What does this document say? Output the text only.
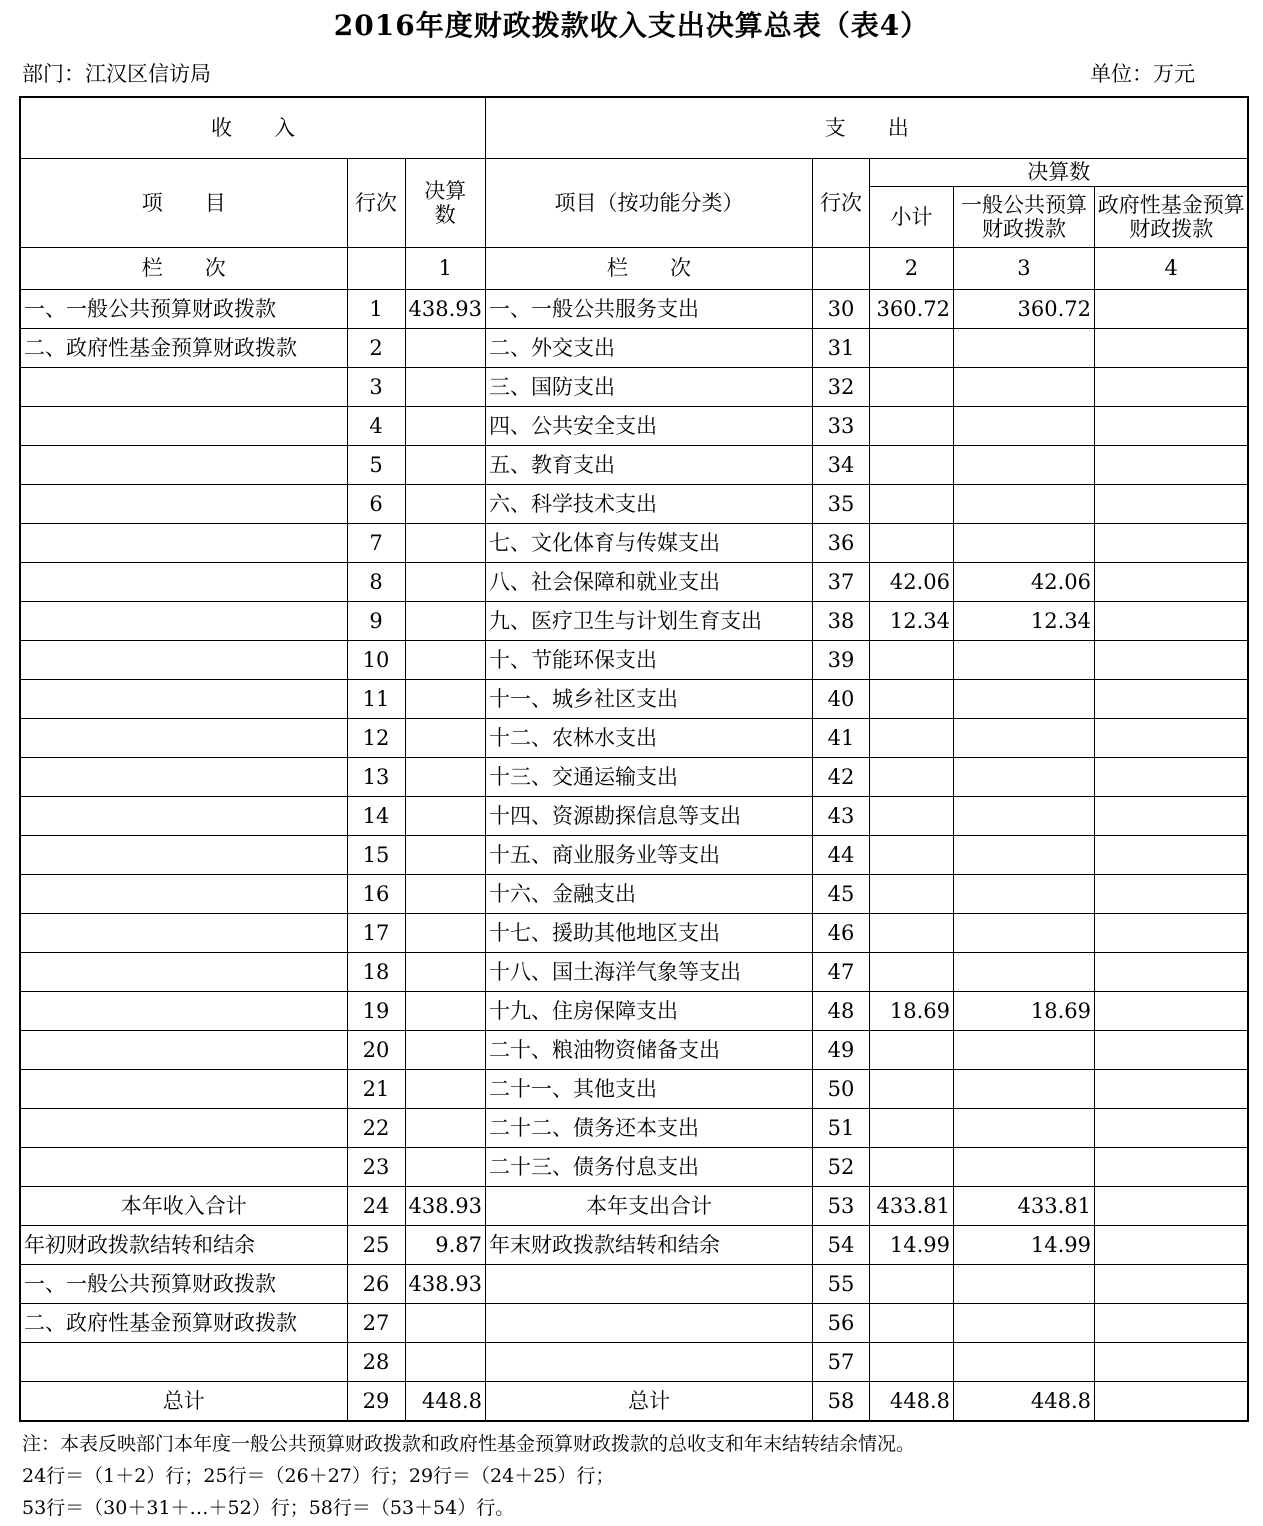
2016年度财政拨款收入支出决算总表（表4）
部门：江汉区信访局	单位：万元
收　　入			支　　出				
项　　目	行次	决算数	项目（按功能分类）	行次	决算数		
					小计	一般公共预算财政拨款	政府性基金预算财政拨款
栏　　次		1	栏　　次		2	3	4
一、一般公共预算财政拨款	1	438.93	一、一般公共服务支出	30	360.72	360.72	
二、政府性基金预算财政拨款	2		二、外交支出	31			
	3		三、国防支出	32			
	4		四、公共安全支出	33			
	5		五、教育支出	34			
	6		六、科学技术支出	35			
	7		七、文化体育与传媒支出	36			
	8		八、社会保障和就业支出	37	42.06	42.06	
	9		九、医疗卫生与计划生育支出	38	12.34	12.34	
	10		十、节能环保支出	39			
	11		十一、城乡社区支出	40			
	12		十二、农林水支出	41			
	13		十三、交通运输支出	42			
	14		十四、资源勘探信息等支出	43			
	15		十五、商业服务业等支出	44			
	16		十六、金融支出	45			
	17		十七、援助其他地区支出	46			
	18		十八、国土海洋气象等支出	47			
	19		十九、住房保障支出	48	18.69	18.69	
	20		二十、粮油物资储备支出	49			
	21		二十一、其他支出	50			
	22		二十二、债务还本支出	51			
	23		二十三、债务付息支出	52			
本年收入合计	24	438.93	本年支出合计	53	433.81	433.81	
年初财政拨款结转和结余	25	9.87	年末财政拨款结转和结余	54	14.99	14.99	
一、一般公共预算财政拨款	26	438.93		55			
二、政府性基金预算财政拨款	27			56			
	28			57			
总计	29	448.8	总计	58	448.8	448.8	
注：本表反映部门本年度一般公共预算财政拨款和政府性基金预算财政拨款的总收支和年末结转结余情况。
24行＝（1＋2）行；25行＝（26＋27）行；29行＝（24＋25）行；
53行＝（30＋31＋…＋52）行；58行＝（53＋54）行。
